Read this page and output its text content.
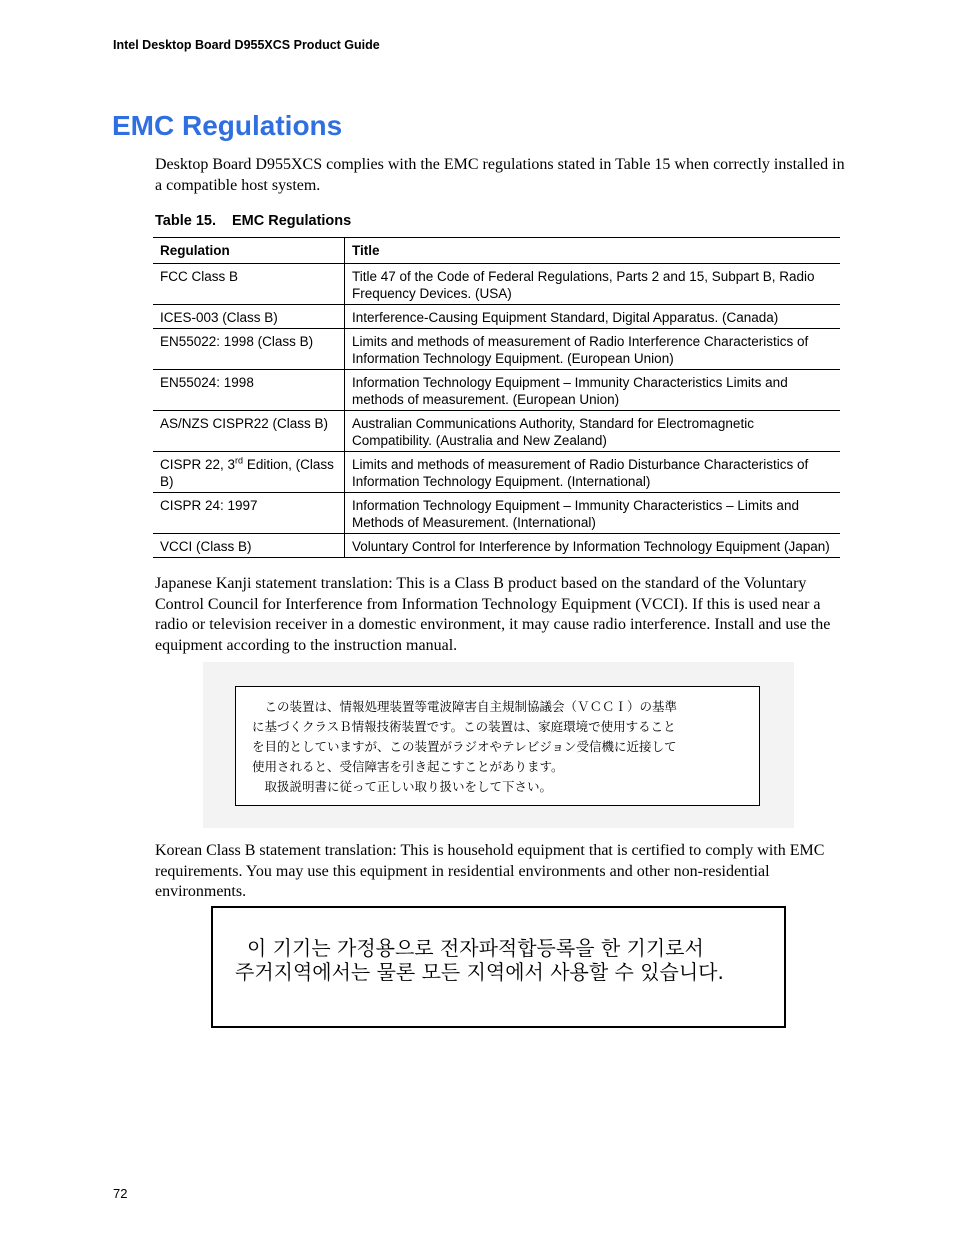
Intel Desktop Board D955XCS Product Guide
EMC Regulations

Desktop Board D955XCS complies with the EMC regulations stated in Table 15 when correctly installed in a compatible host system.

Table 15. EMC Regulations
Regulation	Title
FCC Class B	Title 47 of the Code of Federal Regulations, Parts 2 and 15, Subpart B, Radio Frequency Devices. (USA)
ICES-003 (Class B)	Interference-Causing Equipment Standard, Digital Apparatus. (Canada)
EN55022: 1998 (Class B)	Limits and methods of measurement of Radio Interference Characteristics of Information Technology Equipment. (European Union)
EN55024: 1998	Information Technology Equipment – Immunity Characteristics Limits and methods of measurement. (European Union)
AS/NZS CISPR22 (Class B)	Australian Communications Authority, Standard for Electromagnetic Compatibility. (Australia and New Zealand)
CISPR 22, 3rd Edition, (Class B)	Limits and methods of measurement of Radio Disturbance Characteristics of Information Technology Equipment. (International)
CISPR 24: 1997	Information Technology Equipment – Immunity Characteristics – Limits and Methods of Measurement. (International)
VCCI (Class B)	Voluntary Control for Interference by Information Technology Equipment (Japan)

Japanese Kanji statement translation: This is a Class B product based on the standard of the Voluntary Control Council for Interference from Information Technology Equipment (VCCI). If this is used near a radio or television receiver in a domestic environment, it may cause radio interference. Install and use the equipment according to the instruction manual.

　この装置は、情報処理装置等電波障害自主規制協議会（ＶＣＣＩ）の基準
に基づくクラスＢ情報技術装置です。この装置は、家庭環境で使用すること
を目的としていますが、この装置がラジオやテレビジョン受信機に近接して
使用されると、受信障害を引き起こすことがあります。
　取扱説明書に従って正しい取り扱いをして下さい。

Korean Class B statement translation: This is household equipment that is certified to comply with EMC requirements. You may use this equipment in residential environments and other non-residential environments.

이 기기는 가정용으로 전자파적합등록을 한 기기로서
주거지역에서는 물론 모든 지역에서 사용할 수 있습니다.
72
